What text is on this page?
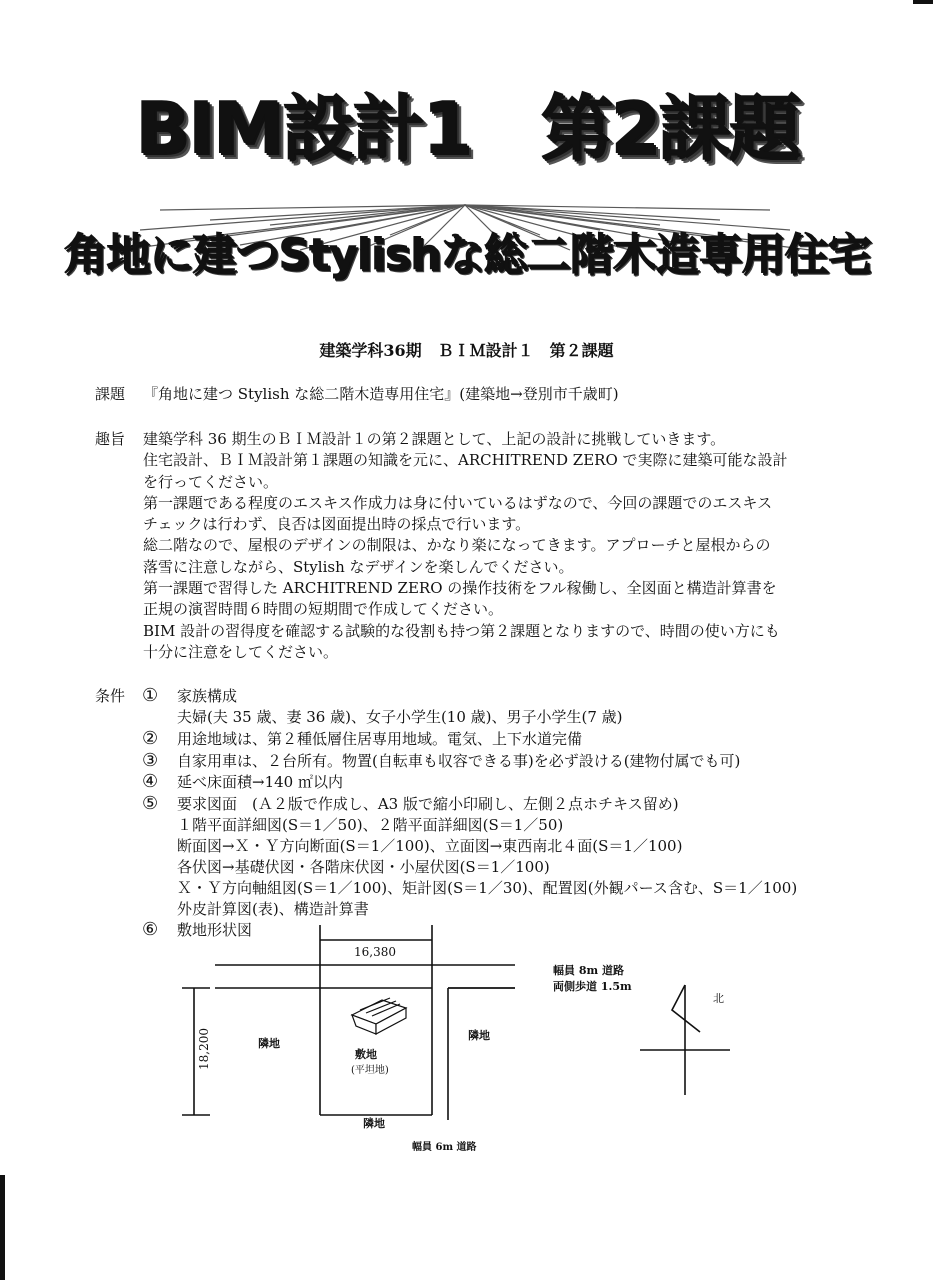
BIM設計1　第2課題
角地に建つStylishな総二階木造専用住宅
建築学科36期　ＢＩＭ設計１　第２課題
課題 『角地に建つ Stylish な総二階木造専用住宅』(建築地→登別市千歳町)
趣旨 建築学科 36 期生のＢＩＭ設計１の第２課題として、上記の設計に挑戦していきます。
住宅設計、ＢＩＭ設計第１課題の知識を元に、ARCHITREND ZERO で実際に建築可能な設計
を行ってください。
第一課題である程度のエスキス作成力は身に付いているはずなので、今回の課題でのエスキス
チェックは行わず、良否は図面提出時の採点で行います。
総二階なので、屋根のデザインの制限は、かなり楽になってきます。アプローチと屋根からの
落雪に注意しながら、Stylish なデザインを楽しんでください。
第一課題で習得した ARCHITREND ZERO の操作技術をフル稼働し、全図面と構造計算書を
正規の演習時間６時間の短期間で作成してください。
BIM 設計の習得度を確認する試験的な役割も持つ第２課題となりますので、時間の使い方にも
十分に注意をしてください。
条件 ① 家族構成
夫婦(夫 35 歳、妻 36 歳)、女子小学生(10 歳)、男子小学生(7 歳)
② 用途地域は、第２種低層住居専用地域。電気、上下水道完備
③ 自家用車は、２台所有。物置(自転車も収容できる事)を必ず設ける(建物付属でも可)
④ 延べ床面積→140 ㎡以内
⑤ 要求図面　(Ａ２版で作成し、A3 版で縮小印刷し、左側２点ホチキス留め)
１階平面詳細図(S＝1／50)、２階平面詳細図(S＝1／50)
断面図→Ｘ・Ｙ方向断面(S＝1／100)、立面図→東西南北４面(S＝1／100)
各伏図→基礎伏図・各階床伏図・小屋伏図(S＝1／100)
Ｘ・Ｙ方向軸組図(S＝1／100)、矩計図(S＝1／30)、配置図(外観パース含む、S＝1／100)
外皮計算図(表)、構造計算書
⑥ 敷地形状図
16,380
18,200
幅員 8m 道路
両側歩道 1.5m
隣地
隣地
隣地
敷地
(平坦地)
幅員 6m 道路
北
